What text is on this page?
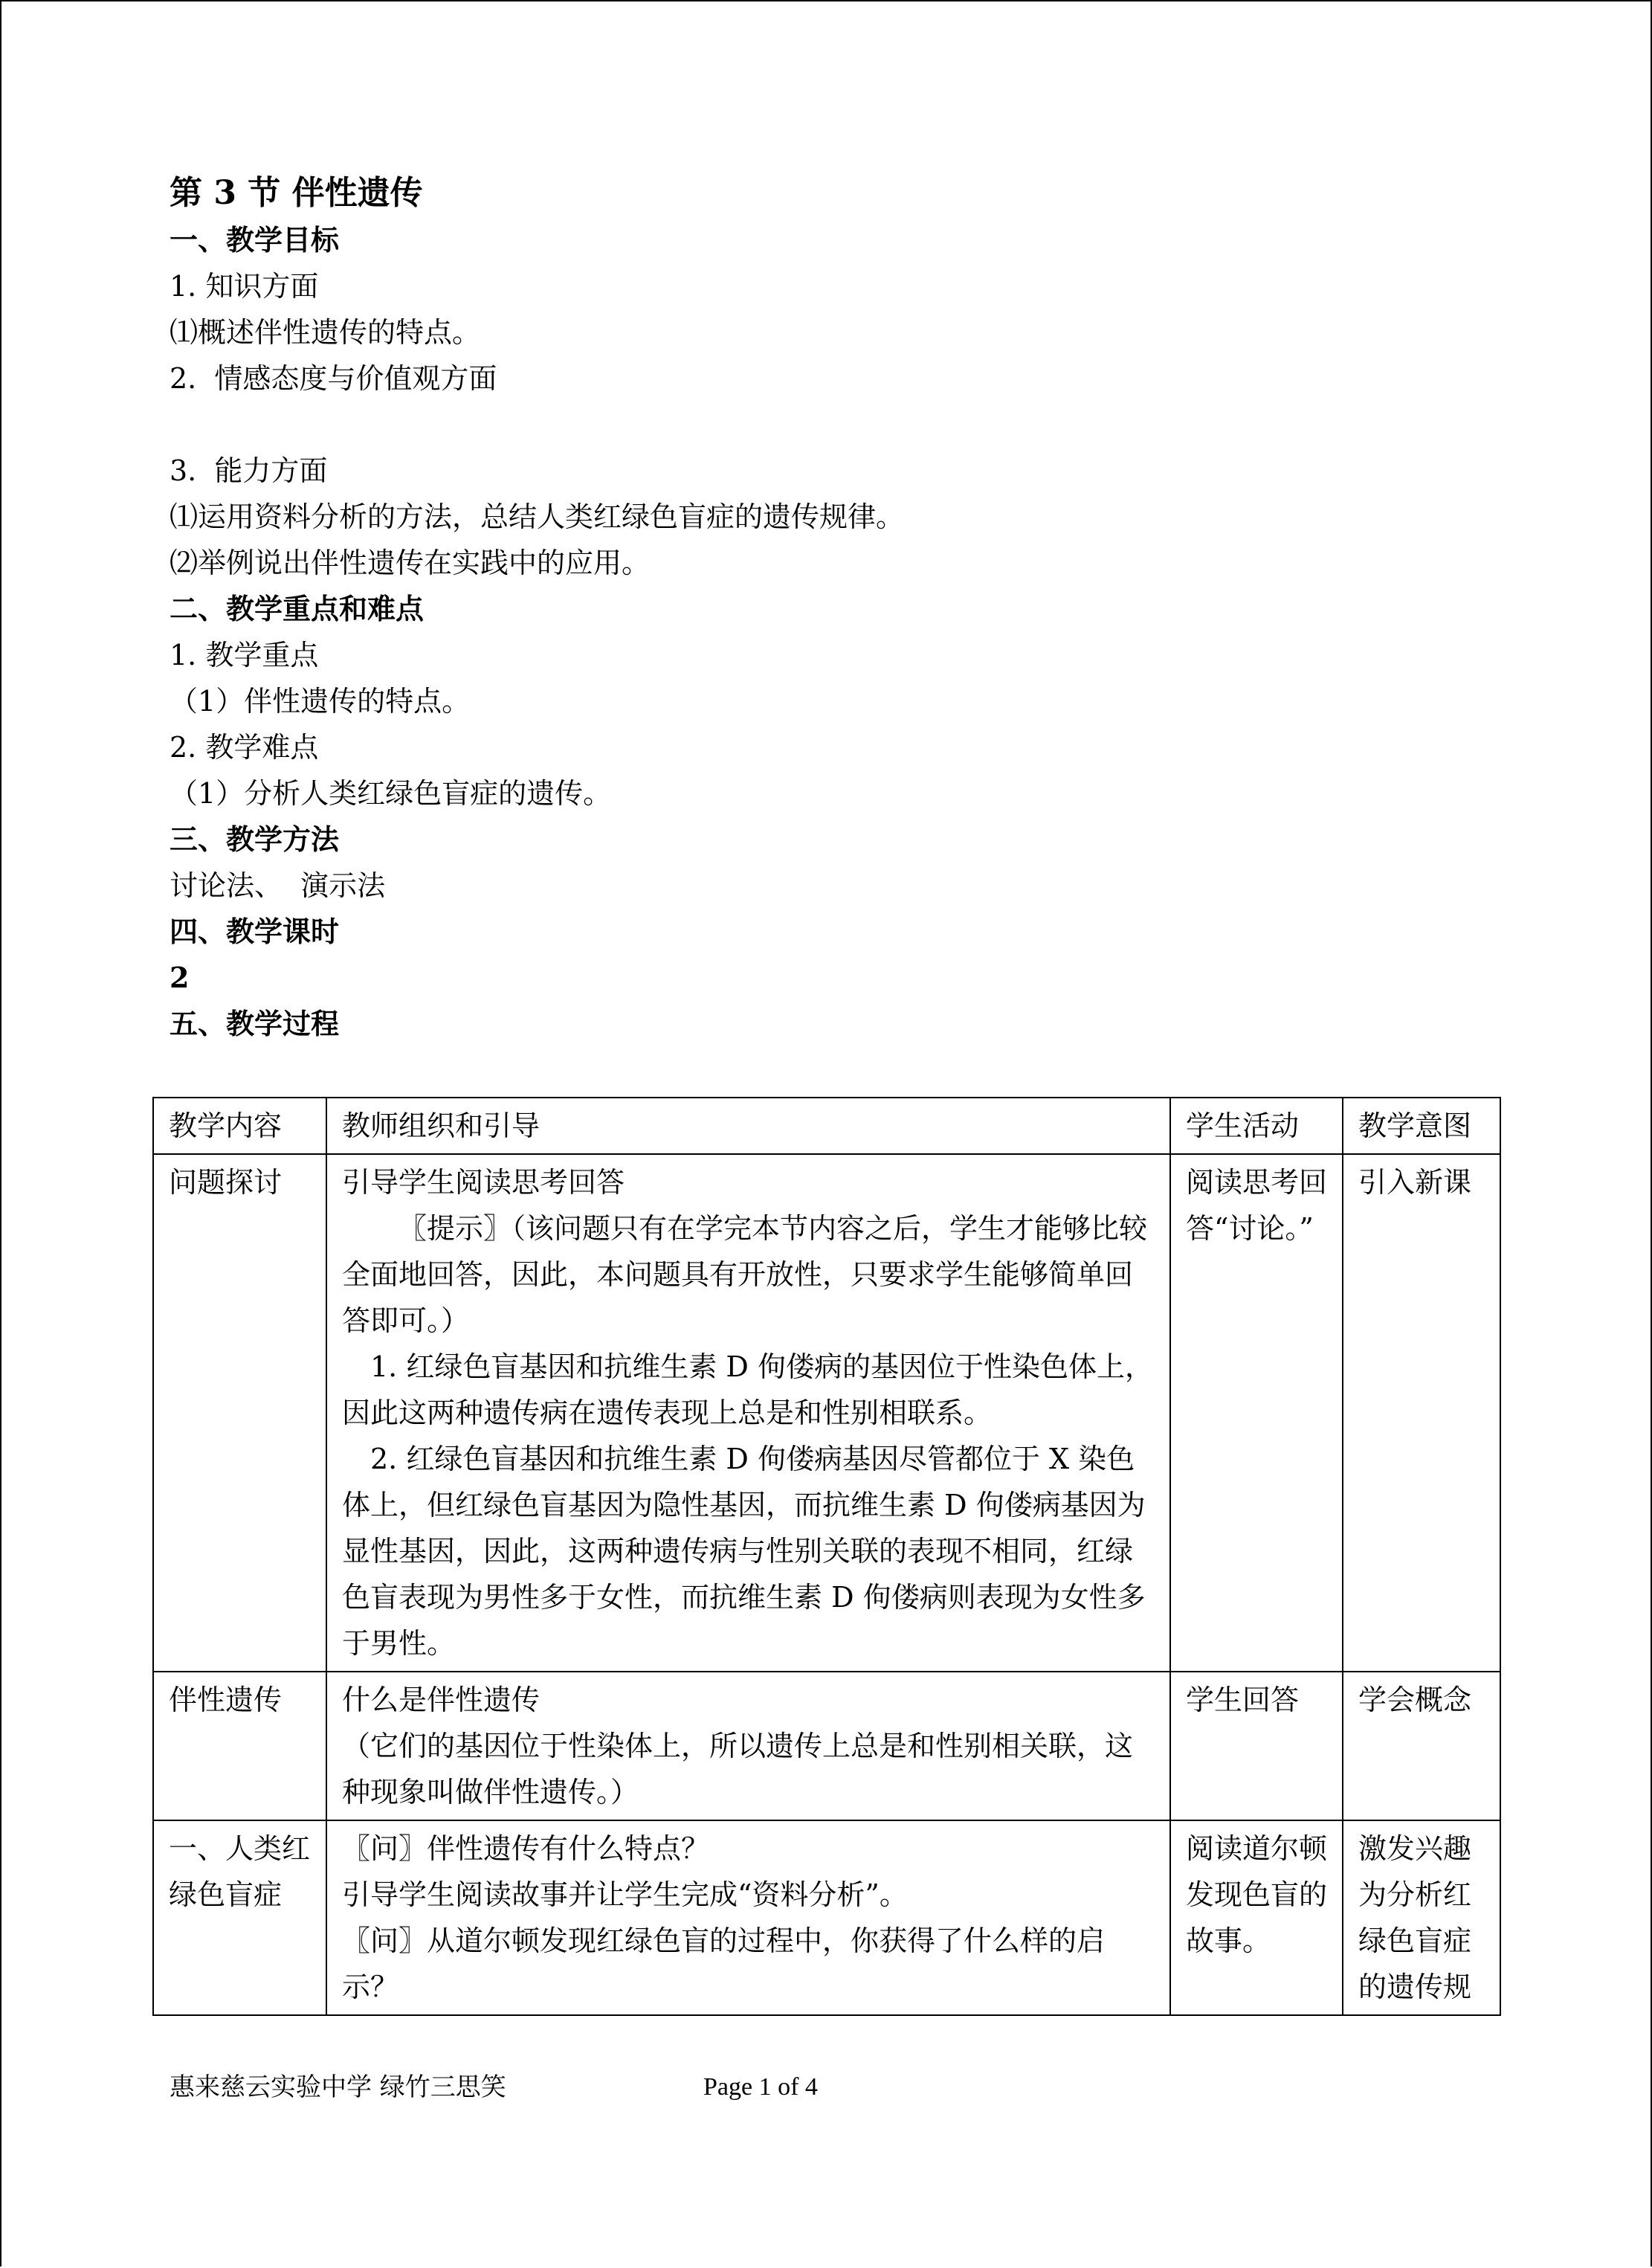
第 3 节 伴性遗传
一、教学目标
1. 知识方面
⑴概述伴性遗传的特点。
2.  情感态度与价值观方面
3.  能力方面
⑴运用资料分析的方法，总结人类红绿色盲症的遗传规律。
⑵举例说出伴性遗传在实践中的应用。
二、教学重点和难点
1. 教学重点
（1）伴性遗传的特点。
2. 教学难点
（1）分析人类红绿色盲症的遗传。
三、教学方法
讨论法、  演示法
四、教学课时
2
五、教学过程
教学内容	教师组织和引导	学生活动	教学意图
问题探讨	引导学生阅读思考回答
〖提示〗（该问题只有在学完本节内容之后，学生才能够比较全面地回答，因此，本问题具有开放性，只要求学生能够简单回答即可。）
1. 红绿色盲基因和抗维生素 D 佝偻病的基因位于性染色体上，因此这两种遗传病在遗传表现上总是和性别相联系。
2. 红绿色盲基因和抗维生素 D 佝偻病基因尽管都位于 X 染色体上，但红绿色盲基因为隐性基因，而抗维生素 D 佝偻病基因为显性基因，因此，这两种遗传病与性别关联的表现不相同，红绿色盲表现为男性多于女性，而抗维生素 D 佝偻病则表现为女性多于男性。	阅读思考回答“讨论。”	引入新课
伴性遗传	什么是伴性遗传
（它们的基因位于性染体上，所以遗传上总是和性别相关联，这种现象叫做伴性遗传。）	学生回答	学会概念
一、人类红绿色盲症	〖问〗伴性遗传有什么特点？
引导学生阅读故事并让学生完成“资料分析”。
〖问〗从道尔顿发现红绿色盲的过程中，你获得了什么样的启示？	阅读道尔顿发现色盲的故事。	激发兴趣为分析红绿色盲症的遗传规
惠来慈云实验中学 绿竹三思笑	Page 1 of 4
